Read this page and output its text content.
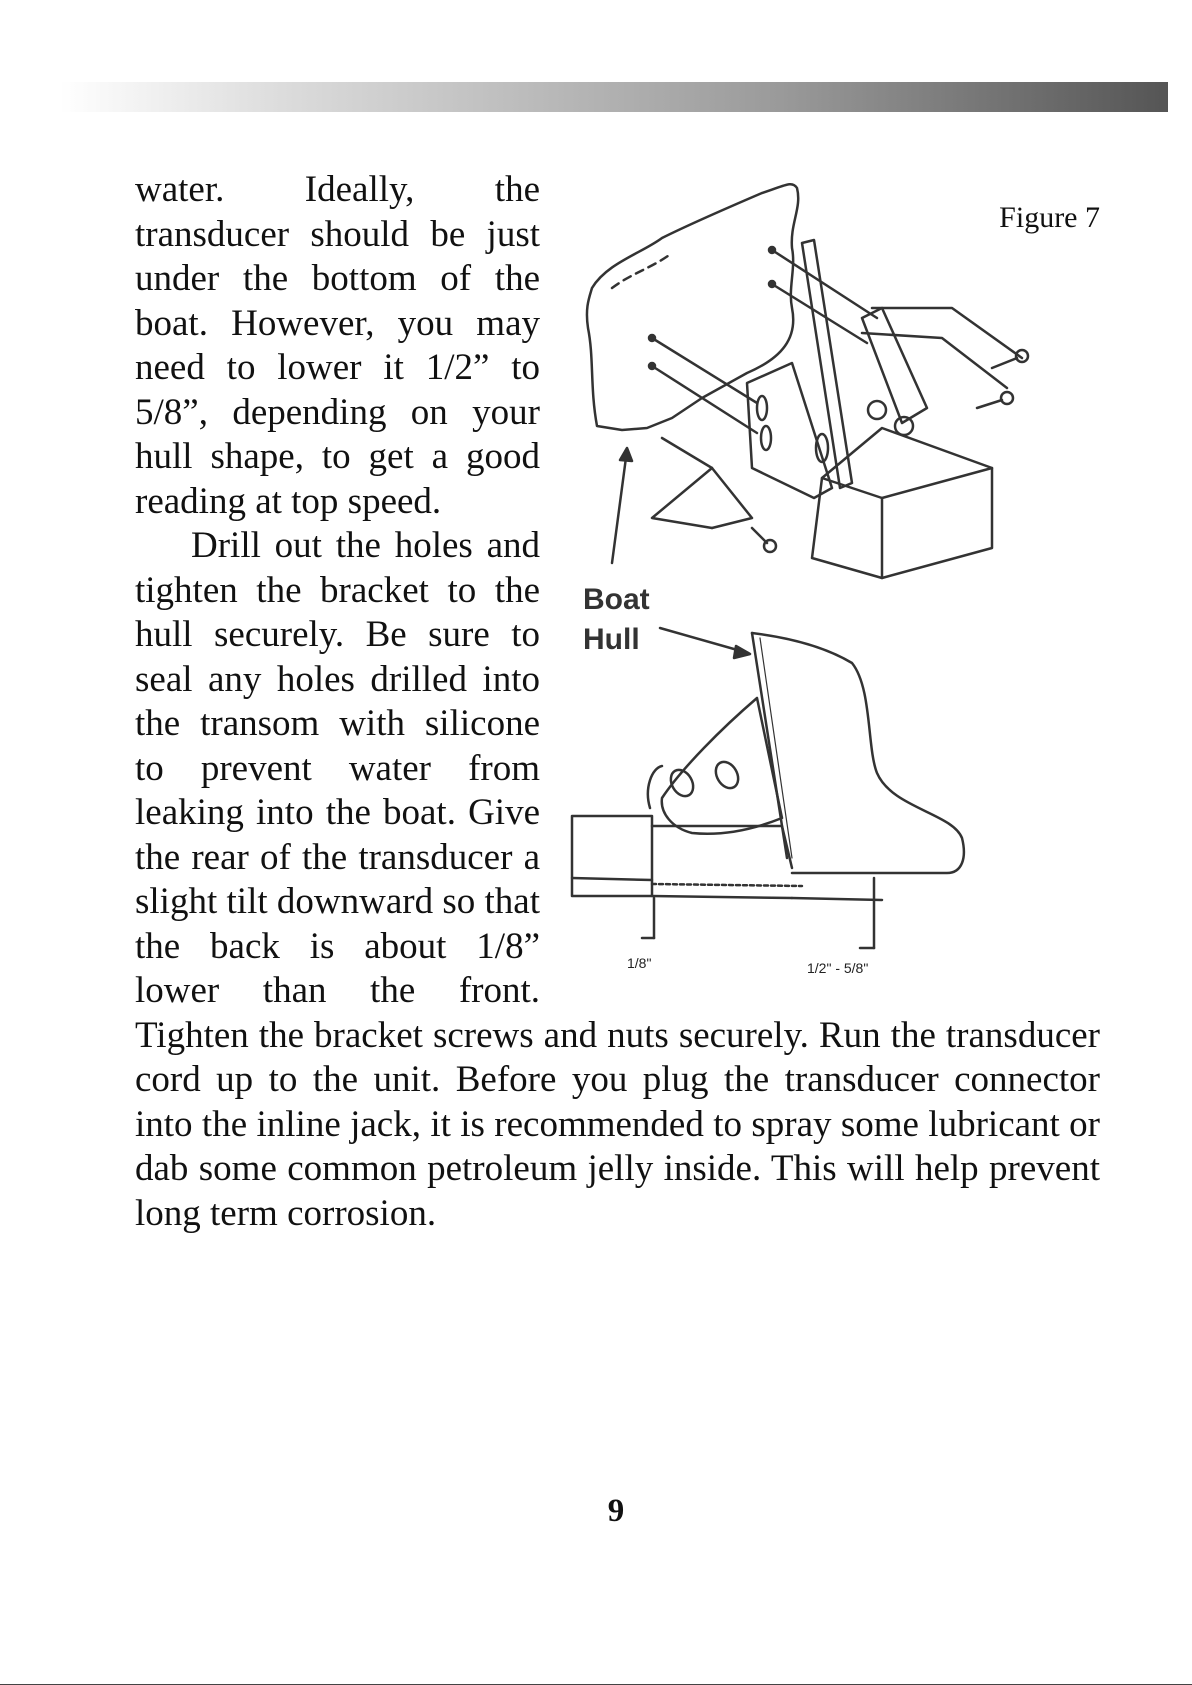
Figure 7
Boat
Hull
1/8"	1/2" - 5/8"

water. Ideally, the transducer should be just under the bottom of the boat. However, you may need to lower it 1/2” to 5/8”, depending on your hull shape, to get a good reading at top speed.

Drill out the holes and tighten the bracket to the hull securely. Be sure to seal any holes drilled into the transom with silicone to prevent water from leaking into the boat. Give the rear of the transducer a slight tilt downward so that the back is about 1/8” lower than the front. Tighten the bracket screws and nuts securely. Run the transducer cord up to the unit. Before you plug the transducer connector into the inline jack, it is recommended to spray some lubricant or dab some common petroleum jelly inside. This will help prevent long term corrosion.

9
